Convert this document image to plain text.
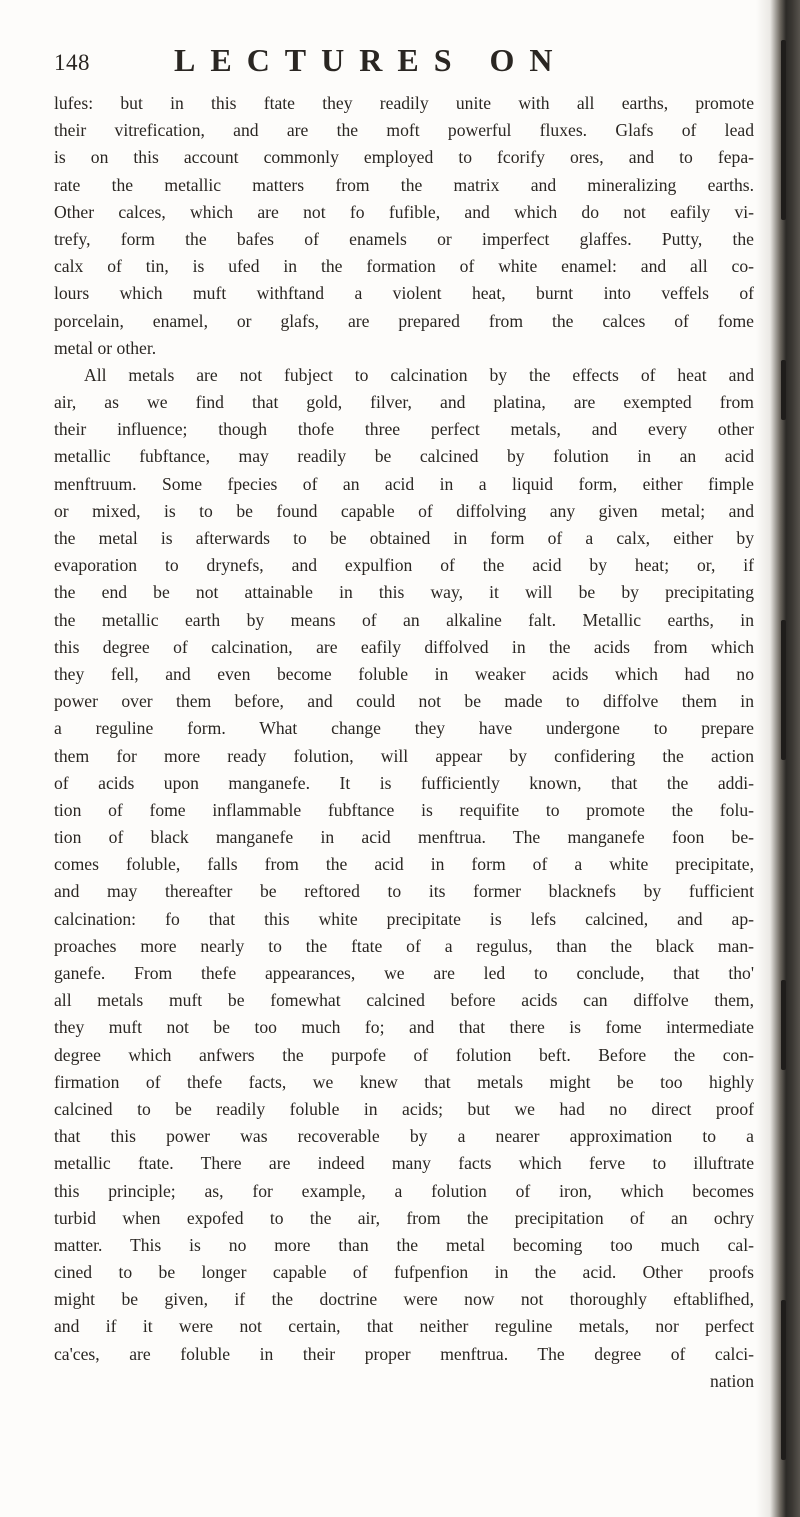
148	LECTURES ON
lufes: but in this ftate they readily unite with all earths, promote
their vitrefication, and are the moft powerful fluxes. Glafs of lead
is on this account commonly employed to fcorify ores, and to fepa-
rate the metallic matters from the matrix and mineralizing earths.
Other calces, which are not fo fufible, and which do not eafily vi-
trefy, form the bafes of enamels or imperfect glaffes. Putty, the
calx of tin, is ufed in the formation of white enamel: and all co-
lours which muft withftand a violent heat, burnt into veffels of
porcelain, enamel, or glafs, are prepared from the calces of fome
metal or other.
All metals are not fubject to calcination by the effects of heat and
air, as we find that gold, filver, and platina, are exempted from
their influence; though thofe three perfect metals, and every other
metallic fubftance, may readily be calcined by folution in an acid
menftruum. Some fpecies of an acid in a liquid form, either fimple
or mixed, is to be found capable of diffolving any given metal; and
the metal is afterwards to be obtained in form of a calx, either by
evaporation to drynefs, and expulfion of the acid by heat; or, if
the end be not attainable in this way, it will be by precipitating
the metallic earth by means of an alkaline falt. Metallic earths, in
this degree of calcination, are eafily diffolved in the acids from which
they fell, and even become foluble in weaker acids which had no
power over them before, and could not be made to diffolve them in
a reguline form. What change they have undergone to prepare
them for more ready folution, will appear by confidering the action
of acids upon manganefe. It is fufficiently known, that the addi-
tion of fome inflammable fubftance is requifite to promote the folu-
tion of black manganefe in acid menftrua. The manganefe foon be-
comes foluble, falls from the acid in form of a white precipitate,
and may thereafter be reftored to its former blacknefs by fufficient
calcination: fo that this white precipitate is lefs calcined, and ap-
proaches more nearly to the ftate of a regulus, than the black man-
ganefe. From thefe appearances, we are led to conclude, that tho'
all metals muft be fomewhat calcined before acids can diffolve them,
they muft not be too much fo; and that there is fome intermediate
degree which anfwers the purpofe of folution beft. Before the con-
firmation of thefe facts, we knew that metals might be too highly
calcined to be readily foluble in acids; but we had no direct proof
that this power was recoverable by a nearer approximation to a
metallic ftate. There are indeed many facts which ferve to illuftrate
this principle; as, for example, a folution of iron, which becomes
turbid when expofed to the air, from the precipitation of an ochry
matter. This is no more than the metal becoming too much cal-
cined to be longer capable of fufpenfion in the acid. Other proofs
might be given, if the doctrine were now not thoroughly eftablifhed,
and if it were not certain, that neither reguline metals, nor perfect
ca'ces, are foluble in their proper menftrua. The degree of calci-
nation
